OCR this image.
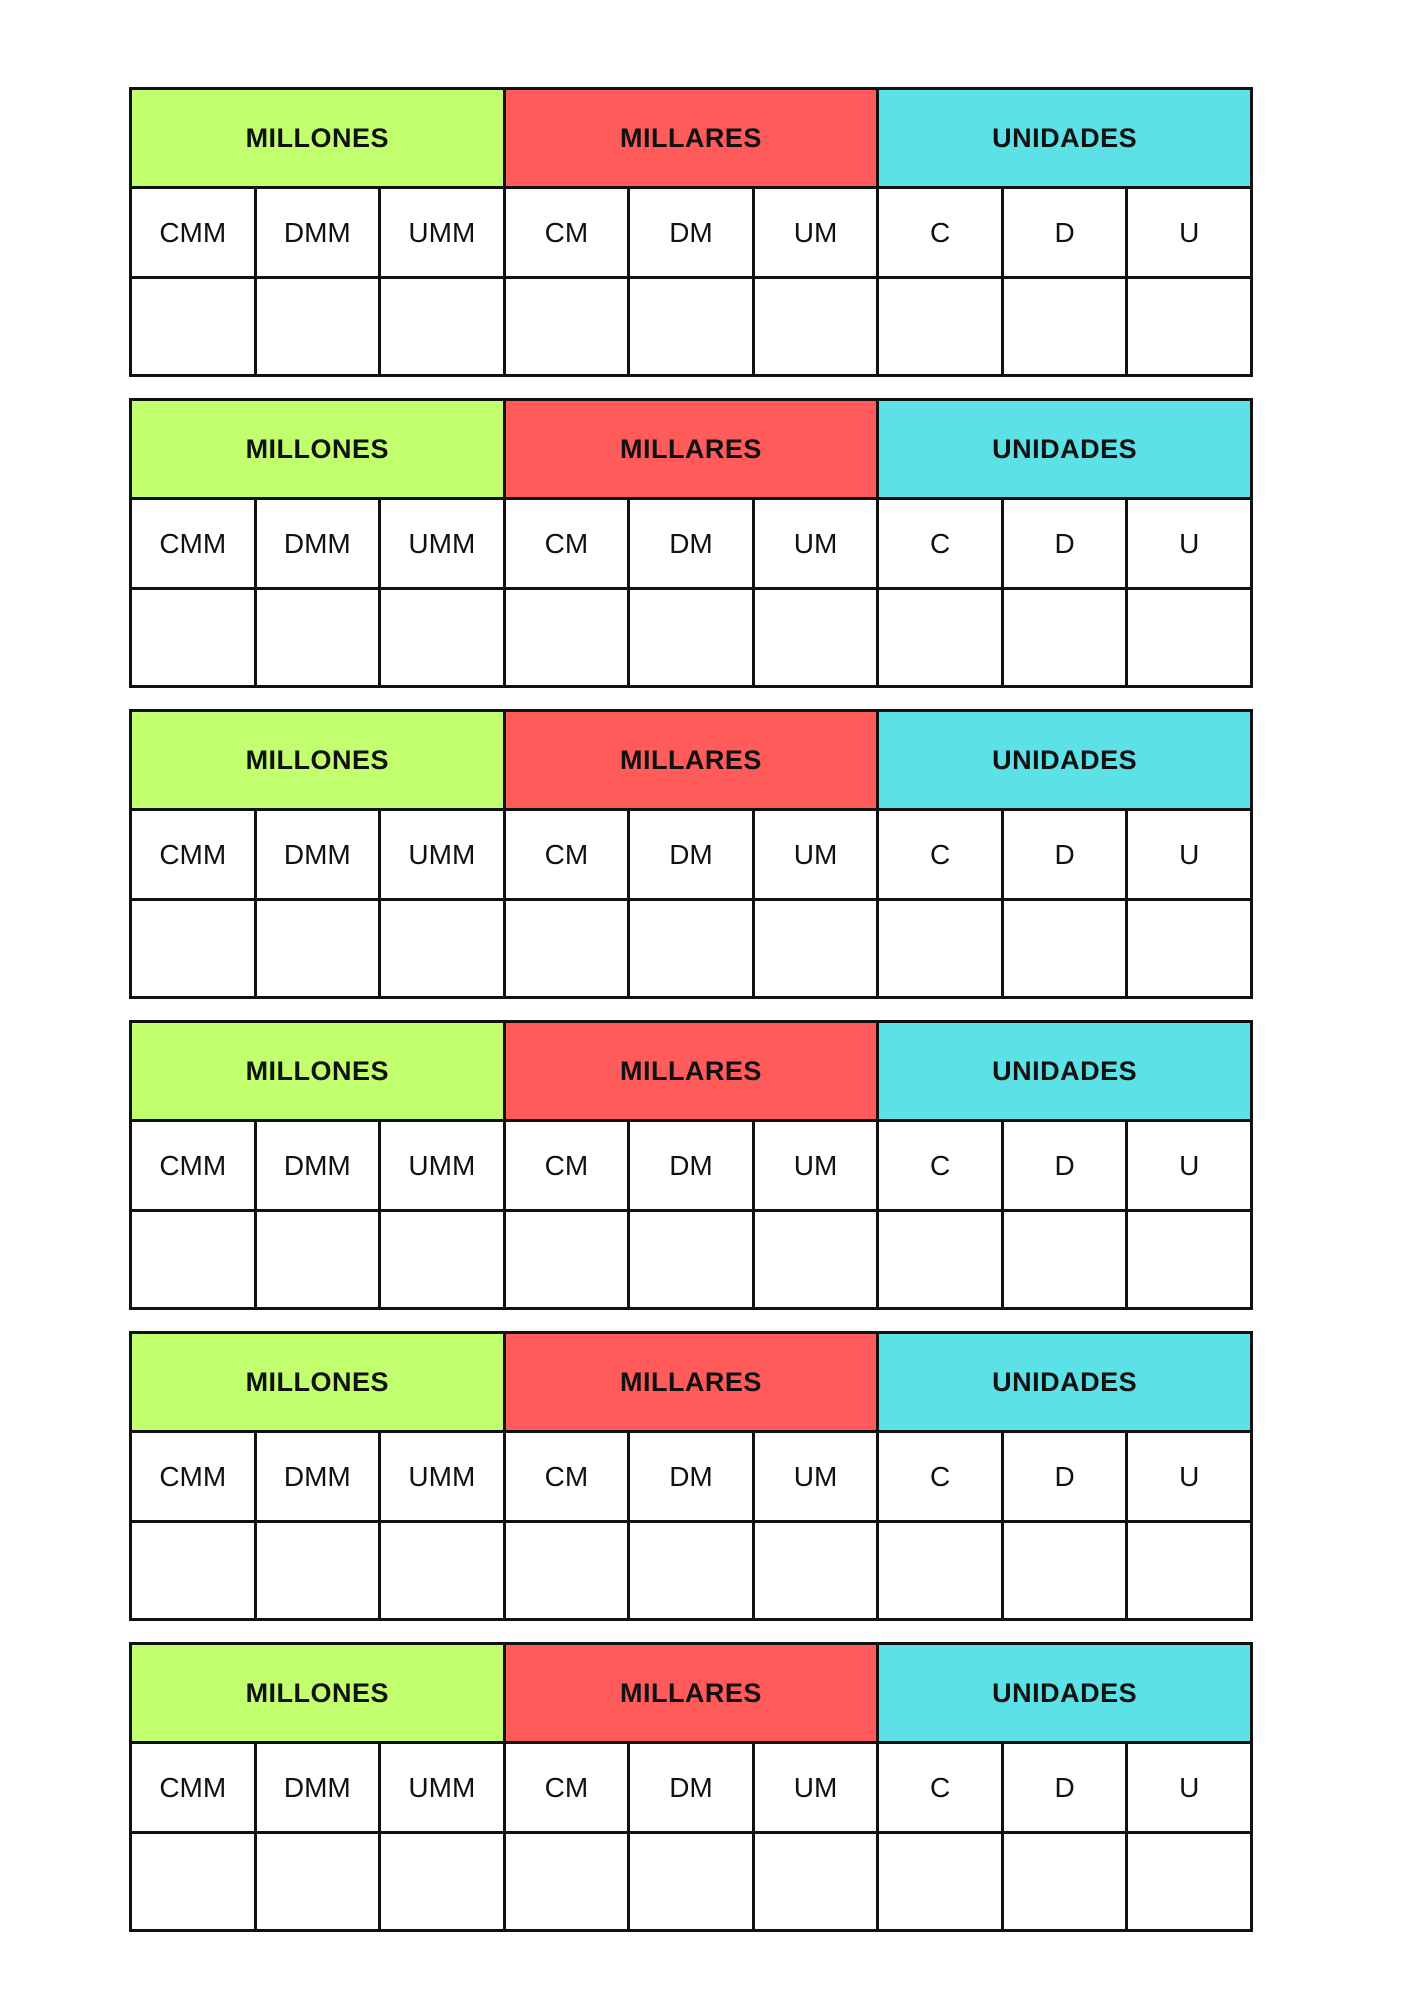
MILLONES			MILLARES			UNIDADES		
CMM	DMM	UMM	CM	DM	UM	C	D	U

MILLONES			MILLARES			UNIDADES		
CMM	DMM	UMM	CM	DM	UM	C	D	U

MILLONES			MILLARES			UNIDADES		
CMM	DMM	UMM	CM	DM	UM	C	D	U

MILLONES			MILLARES			UNIDADES		
CMM	DMM	UMM	CM	DM	UM	C	D	U

MILLONES			MILLARES			UNIDADES		
CMM	DMM	UMM	CM	DM	UM	C	D	U

MILLONES			MILLARES			UNIDADES		
CMM	DMM	UMM	CM	DM	UM	C	D	U
